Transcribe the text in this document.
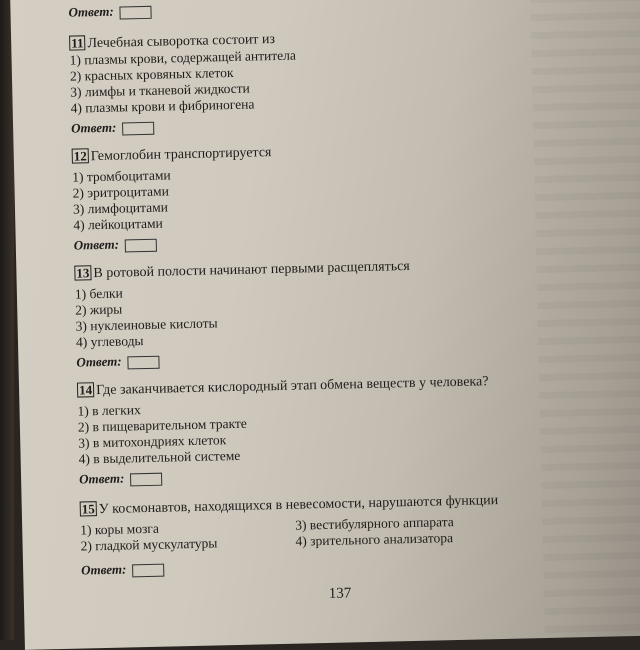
Ответ:
11 Лечебная сыворотка состоит из
1) плазмы крови, содержащей антитела
2) красных кровяных клеток
3) лимфы и тканевой жидкости
4) плазмы крови и фибриногена
Ответ:
12 Гемоглобин транспортируется
1) тромбоцитами
2) эритроцитами
3) лимфоцитами
4) лейкоцитами
Ответ:
13 В ротовой полости начинают первыми расщепляться
1) белки
2) жиры
3) нуклеиновые кислоты
4) углеводы
Ответ:
14 Где заканчивается кислородный этап обмена веществ у человека?
1) в легких
2) в пищеварительном тракте
3) в митохондриях клеток
4) в выделительной системе
Ответ:
15 У космонавтов, находящихся в невесомости, нарушаются функции
1) коры мозга
2) гладкой мускулатуры
3) вестибулярного аппарата
4) зрительного анализатора
Ответ:
137
